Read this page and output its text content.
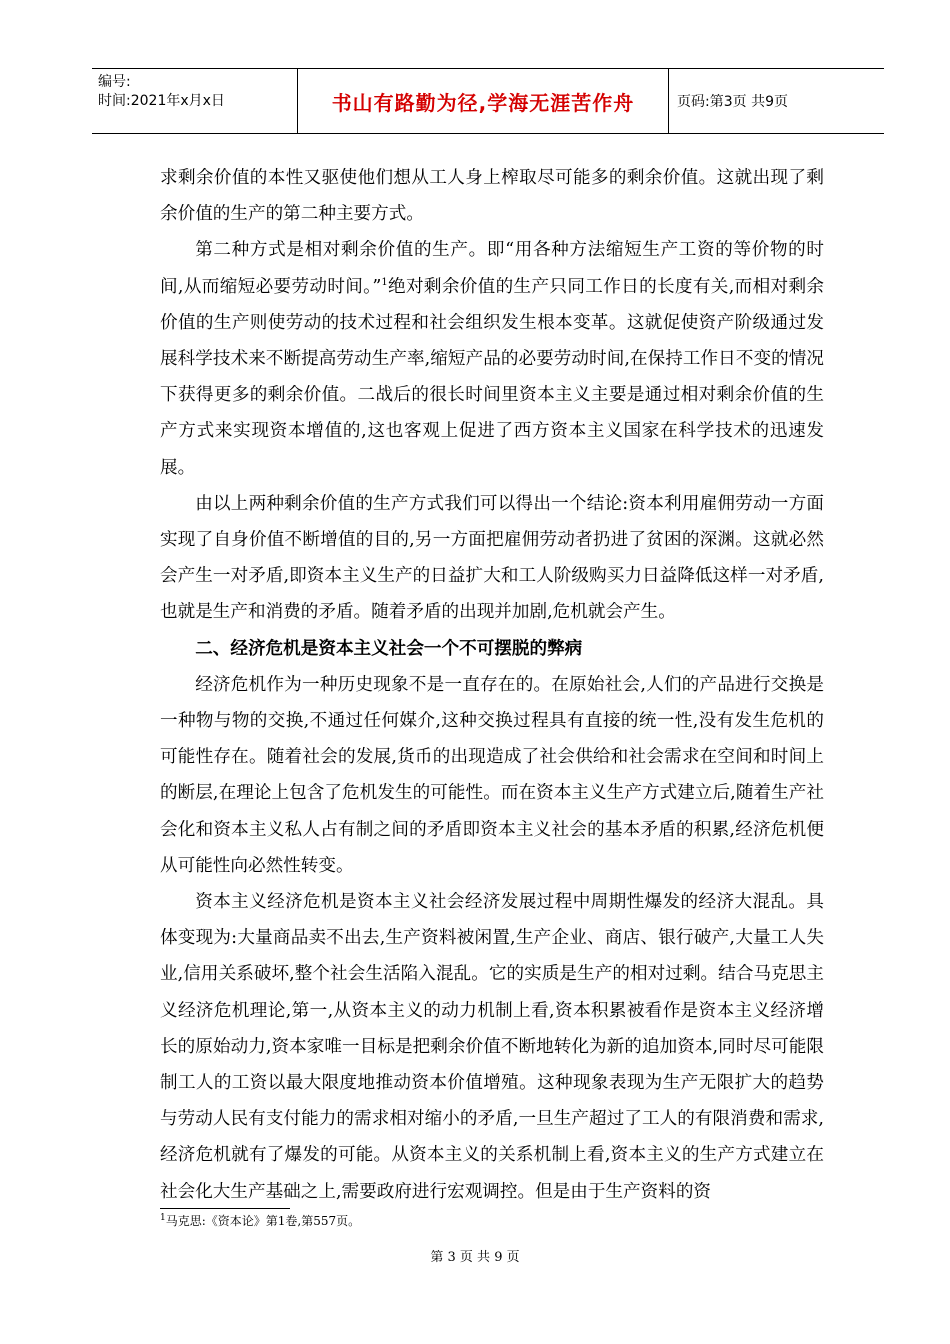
编号:
时间:2021年x月x日	书山有路勤为径,学海无涯苦作舟	页码:第3页 共9页

求剩余价值的本性又驱使他们想从工人身上榨取尽可能多的剩余价值。这就出现了剩余价值的生产的第二种主要方式。

第二种方式是相对剩余价值的生产。即“用各种方法缩短生产工资的等价物的时间,从而缩短必要劳动时间。”$^1$绝对剩余价值的生产只同工作日的长度有关,而相对剩余价值的生产则使劳动的技术过程和社会组织发生根本变革。这就促使资产阶级通过发展科学技术来不断提高劳动生产率,缩短产品的必要劳动时间,在保持工作日不变的情况下获得更多的剩余价值。二战后的很长时间里资本主义主要是通过相对剩余价值的生产方式来实现资本增值的,这也客观上促进了西方资本主义国家在科学技术的迅速发展。

由以上两种剩余价值的生产方式我们可以得出一个结论:资本利用雇佣劳动一方面实现了自身价值不断增值的目的,另一方面把雇佣劳动者扔进了贫困的深渊。这就必然会产生一对矛盾,即资本主义生产的日益扩大和工人阶级购买力日益降低这样一对矛盾,也就是生产和消费的矛盾。随着矛盾的出现并加剧,危机就会产生。

二、经济危机是资本主义社会一个不可摆脱的弊病

经济危机作为一种历史现象不是一直存在的。在原始社会,人们的产品进行交换是一种物与物的交换,不通过任何媒介,这种交换过程具有直接的统一性,没有发生危机的可能性存在。随着社会的发展,货币的出现造成了社会供给和社会需求在空间和时间上的断层,在理论上包含了危机发生的可能性。而在资本主义生产方式建立后,随着生产社会化和资本主义私人占有制之间的矛盾即资本主义社会的基本矛盾的积累,经济危机便从可能性向必然性转变。

资本主义经济危机是资本主义社会经济发展过程中周期性爆发的经济大混乱。具体变现为:大量商品卖不出去,生产资料被闲置,生产企业、商店、银行破产,大量工人失业,信用关系破坏,整个社会生活陷入混乱。它的实质是生产的相对过剩。结合马克思主义经济危机理论,第一,从资本主义的动力机制上看,资本积累被看作是资本主义经济增长的原始动力,资本家唯一目标是把剩余价值不断地转化为新的追加资本,同时尽可能限制工人的工资以最大限度地推动资本价值增殖。这种现象表现为生产无限扩大的趋势与劳动人民有支付能力的需求相对缩小的矛盾,一旦生产超过了工人的有限消费和需求,经济危机就有了爆发的可能。从资本主义的关系机制上看,资本主义的生产方式建立在社会化大生产基础之上,需要政府进行宏观调控。但是由于生产资料的资

$^1$马克思:《资本论》第1卷,第557页。
第 3 页 共 9 页
